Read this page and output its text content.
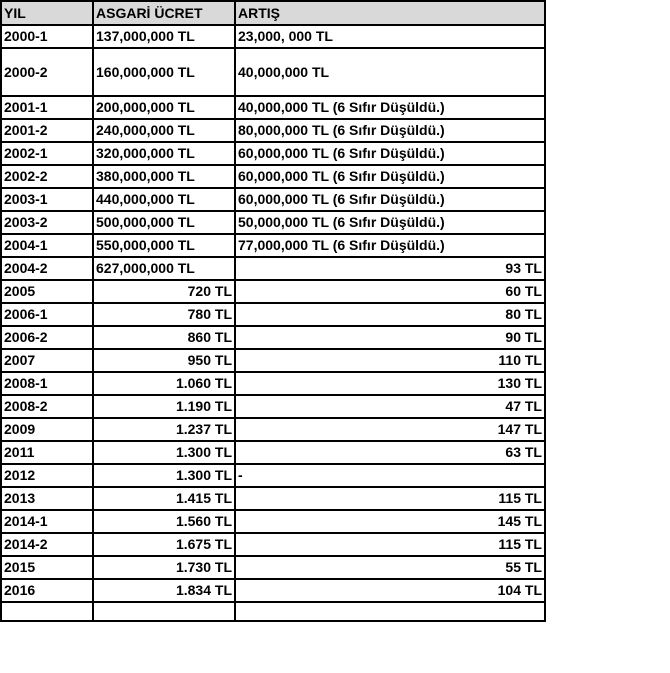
YIL	ASGARİ ÜCRET	ARTIŞ
2000-1	137,000,000 TL	23,000, 000 TL
2000-2	160,000,000 TL	40,000,000 TL
2001-1	200,000,000 TL	40,000,000 TL (6 Sıfır Düşüldü.)
2001-2	240,000,000 TL	80,000,000 TL (6 Sıfır Düşüldü.)
2002-1	320,000,000 TL	60,000,000 TL (6 Sıfır Düşüldü.)
2002-2	380,000,000 TL	60,000,000 TL (6 Sıfır Düşüldü.)
2003-1	440,000,000 TL	60,000,000 TL (6 Sıfır Düşüldü.)
2003-2	500,000,000 TL	50,000,000 TL (6 Sıfır Düşüldü.)
2004-1	550,000,000 TL	77,000,000 TL (6 Sıfır Düşüldü.)
2004-2	627,000,000 TL	93 TL
2005	720 TL	60 TL
2006-1	780 TL	80 TL
2006-2	860 TL	90 TL
2007	950 TL	110 TL
2008-1	1.060 TL	130 TL
2008-2	1.190 TL	47 TL
2009	1.237 TL	147 TL
2011	1.300 TL	63 TL
2012	1.300 TL	-
2013	1.415 TL	115 TL
2014-1	1.560 TL	145 TL
2014-2	1.675 TL	115 TL
2015	1.730 TL	55 TL
2016	1.834 TL	104 TL
